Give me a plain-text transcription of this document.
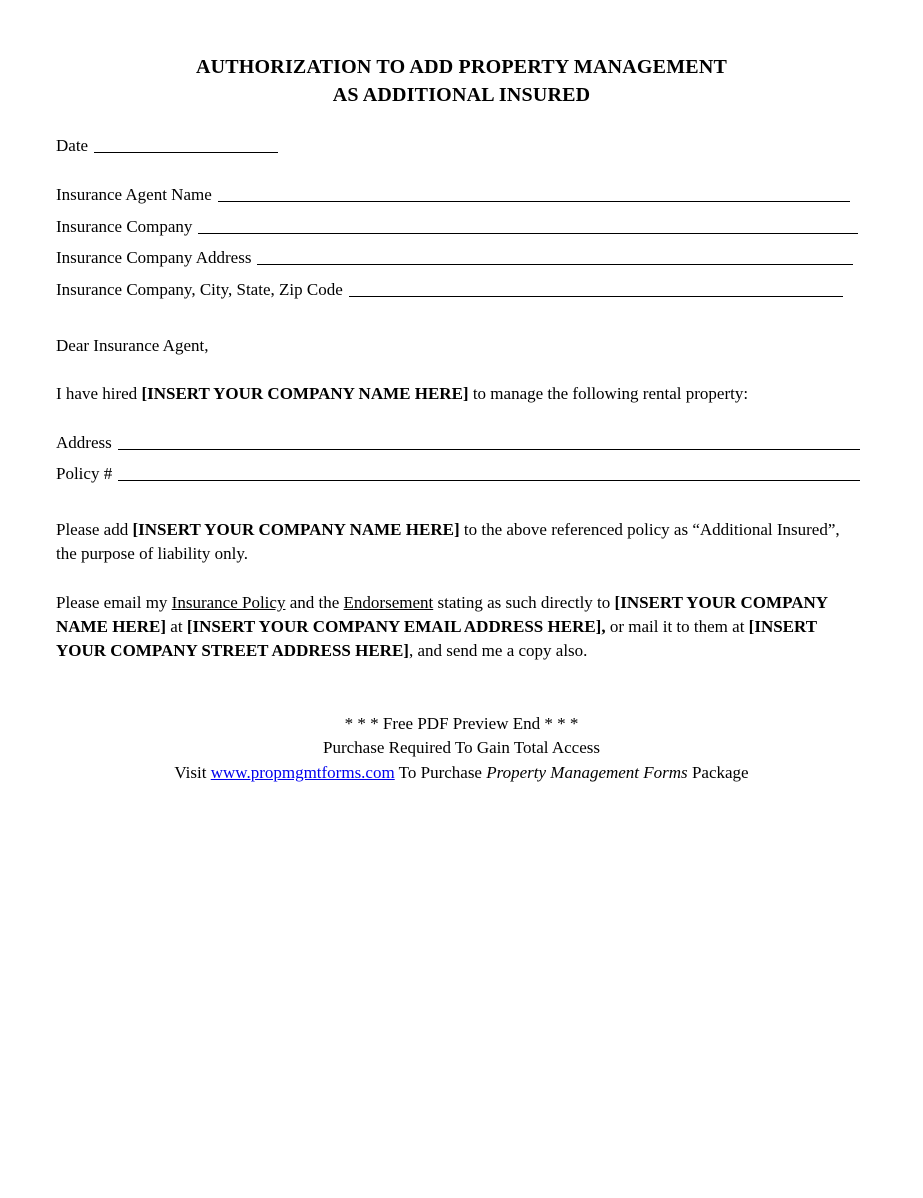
AUTHORIZATION TO ADD PROPERTY MANAGEMENT
AS ADDITIONAL INSURED
Date
Insurance Agent Name
Insurance Company
Insurance Company Address
Insurance Company, City, State, Zip Code
Dear Insurance Agent,
I have hired [INSERT YOUR COMPANY NAME HERE] to manage the following rental property:
Address
Policy #
Please add [INSERT YOUR COMPANY NAME HERE] to the above referenced policy as “Additional Insured”, the purpose of liability only.
Please email my Insurance Policy and the Endorsement stating as such directly to [INSERT YOUR COMPANY NAME HERE] at [INSERT YOUR COMPANY EMAIL ADDRESS HERE], or mail it to them at [INSERT YOUR COMPANY STREET ADDRESS HERE], and send me a copy also.
* * * Free PDF Preview End * * *
Purchase Required To Gain Total Access
Visit www.propmgmtforms.com To Purchase Property Management Forms Package
